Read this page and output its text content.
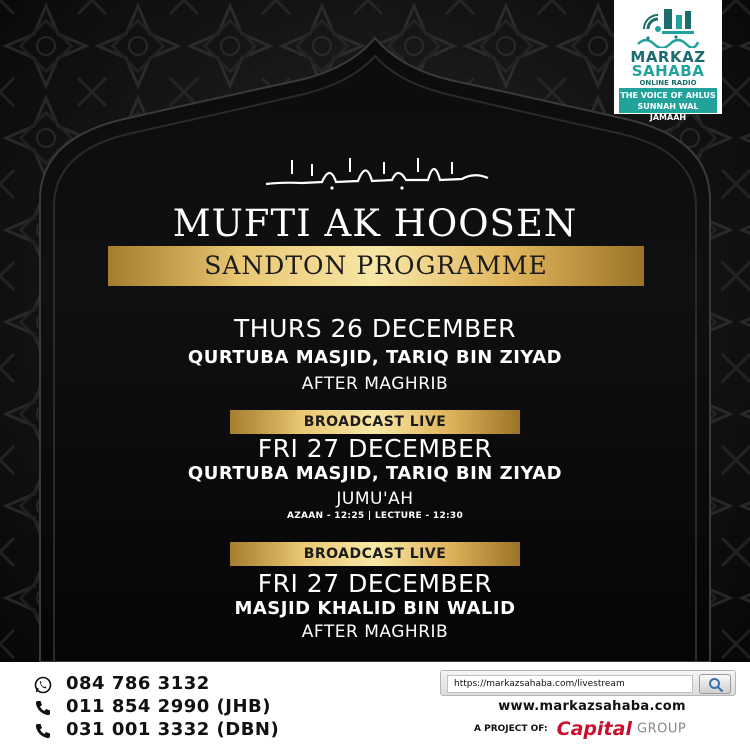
MARKAZ
SAHABA
ONLINE RADIO
THE VOICE OF AHLUS
SUNNAH WAL JAMAAH
MUFTI AK HOOSEN
SANDTON PROGRAMME
THURS 26 DECEMBER
QURTUBA MASJID, TARIQ BIN ZIYAD
AFTER MAGHRIB
BROADCAST LIVE
FRI 27 DECEMBER
QURTUBA MASJID, TARIQ BIN ZIYAD
JUMU'AH
AZAAN - 12:25 | LECTURE - 12:30
BROADCAST LIVE
FRI 27 DECEMBER
MASJID KHALID BIN WALID
AFTER MAGHRIB
084 786 3132
011 854 2990 (JHB)
031 001 3332 (DBN)
https://markazsahaba.com/livestream
www.markazsahaba.com
A PROJECT OF: Capital GROUP
